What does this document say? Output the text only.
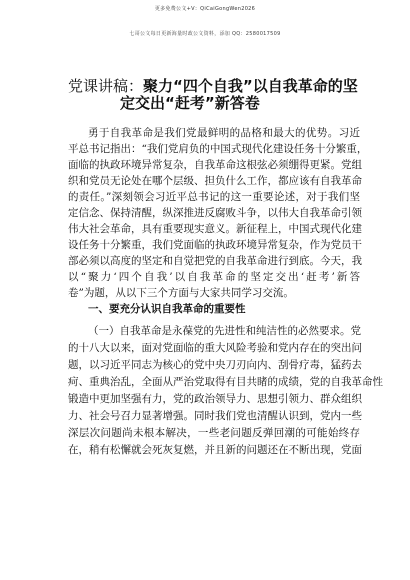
更多免费公文+V：QiCaiGongWen2026
七哥公文每日更新海量时政公文资料，添加 QQ：2580017509
党课讲稿：聚力“四个自我”以自我革命的坚
定交出“赶考”新答卷
勇于自我革命是我们党最鲜明的品格和最大的优势。习近
平总书记指出：“我们党肩负的中国式现代化建设任务十分繁重，
面临的执政环境异常复杂，自我革命这根弦必须绷得更紧。党组
织和党员无论处在哪个层级、担负什么工作，都应该有自我革命
的责任。”深刻领会习近平总书记的这一重要论述，对于我们坚
定信念、保持清醒，纵深推进反腐败斗争，以伟大自我革命引领
伟大社会革命，具有重要现实意义。新征程上，中国式现代化建
设任务十分繁重，我们党面临的执政环境异常复杂，作为党员干
部必须以高度的坚定和自觉把党的自我革命进行到底。今天，我
以“聚力‘四个自我’以自我革命的坚定交出‘赶考’新答
卷”为题，从以下三个方面与大家共同学习交流。
一、要充分认识自我革命的重要性
（一）自我革命是永葆党的先进性和纯洁性的必然要求。党
的十八大以来，面对党面临的重大风险考验和党内存在的突出问
题，以习近平同志为核心的党中央刀刃向内、刮骨疗毒，猛药去
疴、重典治乱，全面从严治党取得有目共睹的成绩，党的自我革命性
锻造中更加坚强有力，党的政治领导力、思想引领力、群众组织
力、社会号召力显著增强。同时我们党也清醒认识到，党内一些
深层次问题尚未根本解决，一些老问题反弹回潮的可能始终存
在，稍有松懈就会死灰复燃，并且新的问题还在不断出现，党面
